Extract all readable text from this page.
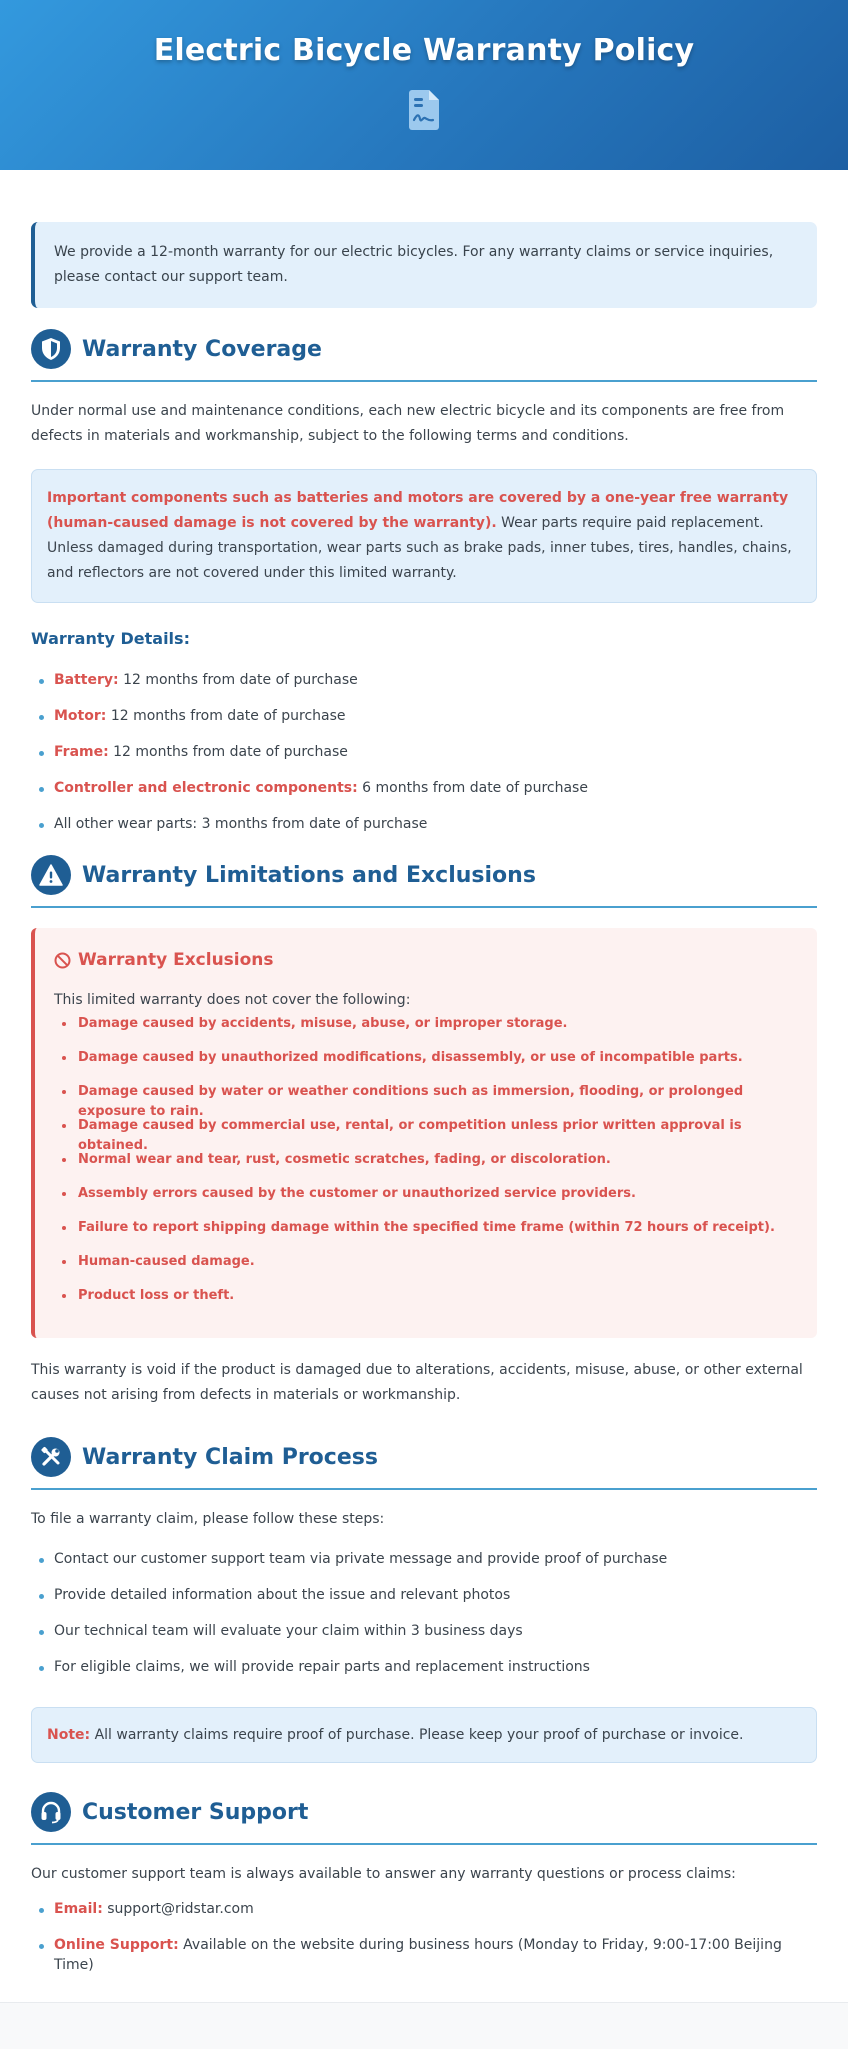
Electric Bicycle Warranty Policy
We provide a 12-month warranty for our electric bicycles. For any warranty claims or service inquiries, please contact our support team.
Warranty Coverage

Under normal use and maintenance conditions, each new electric bicycle and its components are free from defects in materials and workmanship, subject to the following terms and conditions.

Important components such as batteries and motors are covered by a one-year free warranty (human-caused damage is not covered by the warranty). Wear parts require paid replacement.
Unless damaged during transportation, wear parts such as brake pads, inner tubes, tires, handles, chains, and reflectors are not covered under this limited warranty.

Warranty Details:

Battery: 12 months from date of purchase
Motor: 12 months from date of purchase
Frame: 12 months from date of purchase
Controller and electronic components: 6 months from date of purchase
All other wear parts: 3 months from date of purchase
Warranty Limitations and Exclusions
Warranty Exclusions
This limited warranty does not cover the following:
Damage caused by accidents, misuse, abuse, or improper storage.
Damage caused by unauthorized modifications, disassembly, or use of incompatible parts.
Damage caused by water or weather conditions such as immersion, flooding, or prolonged exposure to rain.
Damage caused by commercial use, rental, or competition unless prior written approval is obtained.
Normal wear and tear, rust, cosmetic scratches, fading, or discoloration.
Assembly errors caused by the customer or unauthorized service providers.
Failure to report shipping damage within the specified time frame (within 72 hours of receipt).
Human-caused damage.
Product loss or theft.

This warranty is void if the product is damaged due to alterations, accidents, misuse, abuse, or other external causes not arising from defects in materials or workmanship.

Warranty Claim Process

To file a warranty claim, please follow these steps:

Contact our customer support team via private message and provide proof of purchase
Provide detailed information about the issue and relevant photos
Our technical team will evaluate your claim within 3 business days
For eligible claims, we will provide repair parts and replacement instructions
Note: All warranty claims require proof of purchase. Please keep your proof of purchase or invoice.
Customer Support

Our customer support team is always available to answer any warranty questions or process claims:

Email: support@ridstar.com
Online Support: Available on the website during business hours (Monday to Friday, 9:00-17:00 Beijing Time)
